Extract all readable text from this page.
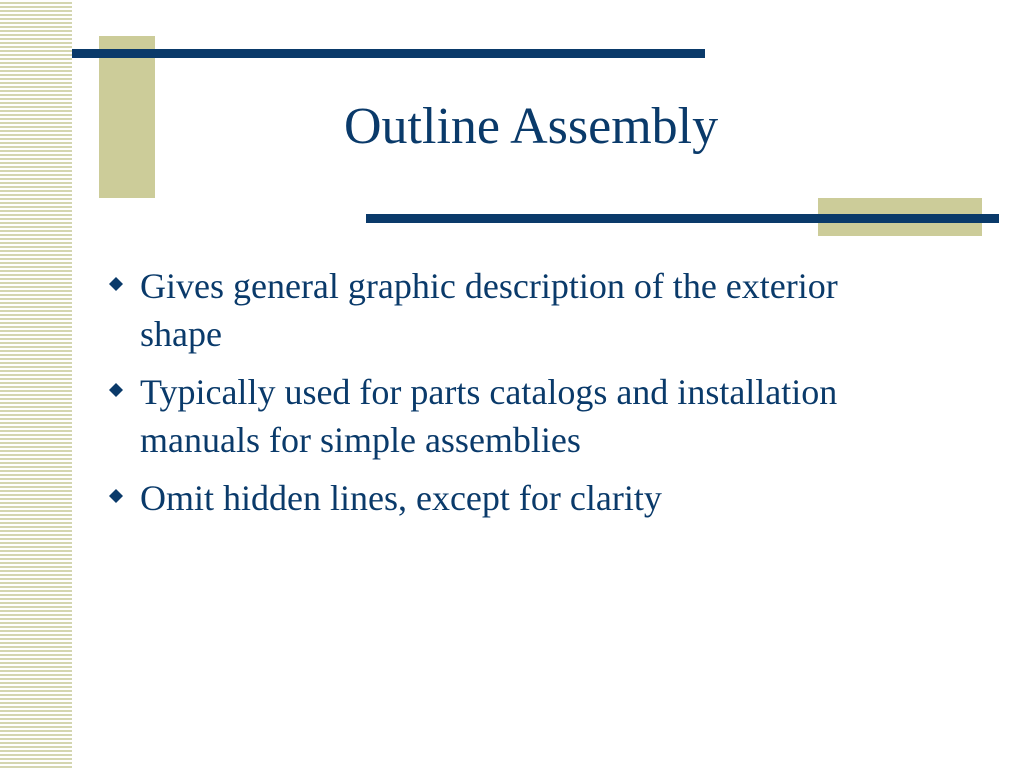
Outline Assembly
Gives general graphic description of the exterior shape
Typically used for parts catalogs and installation manuals for simple assemblies
Omit hidden lines, except for clarity
